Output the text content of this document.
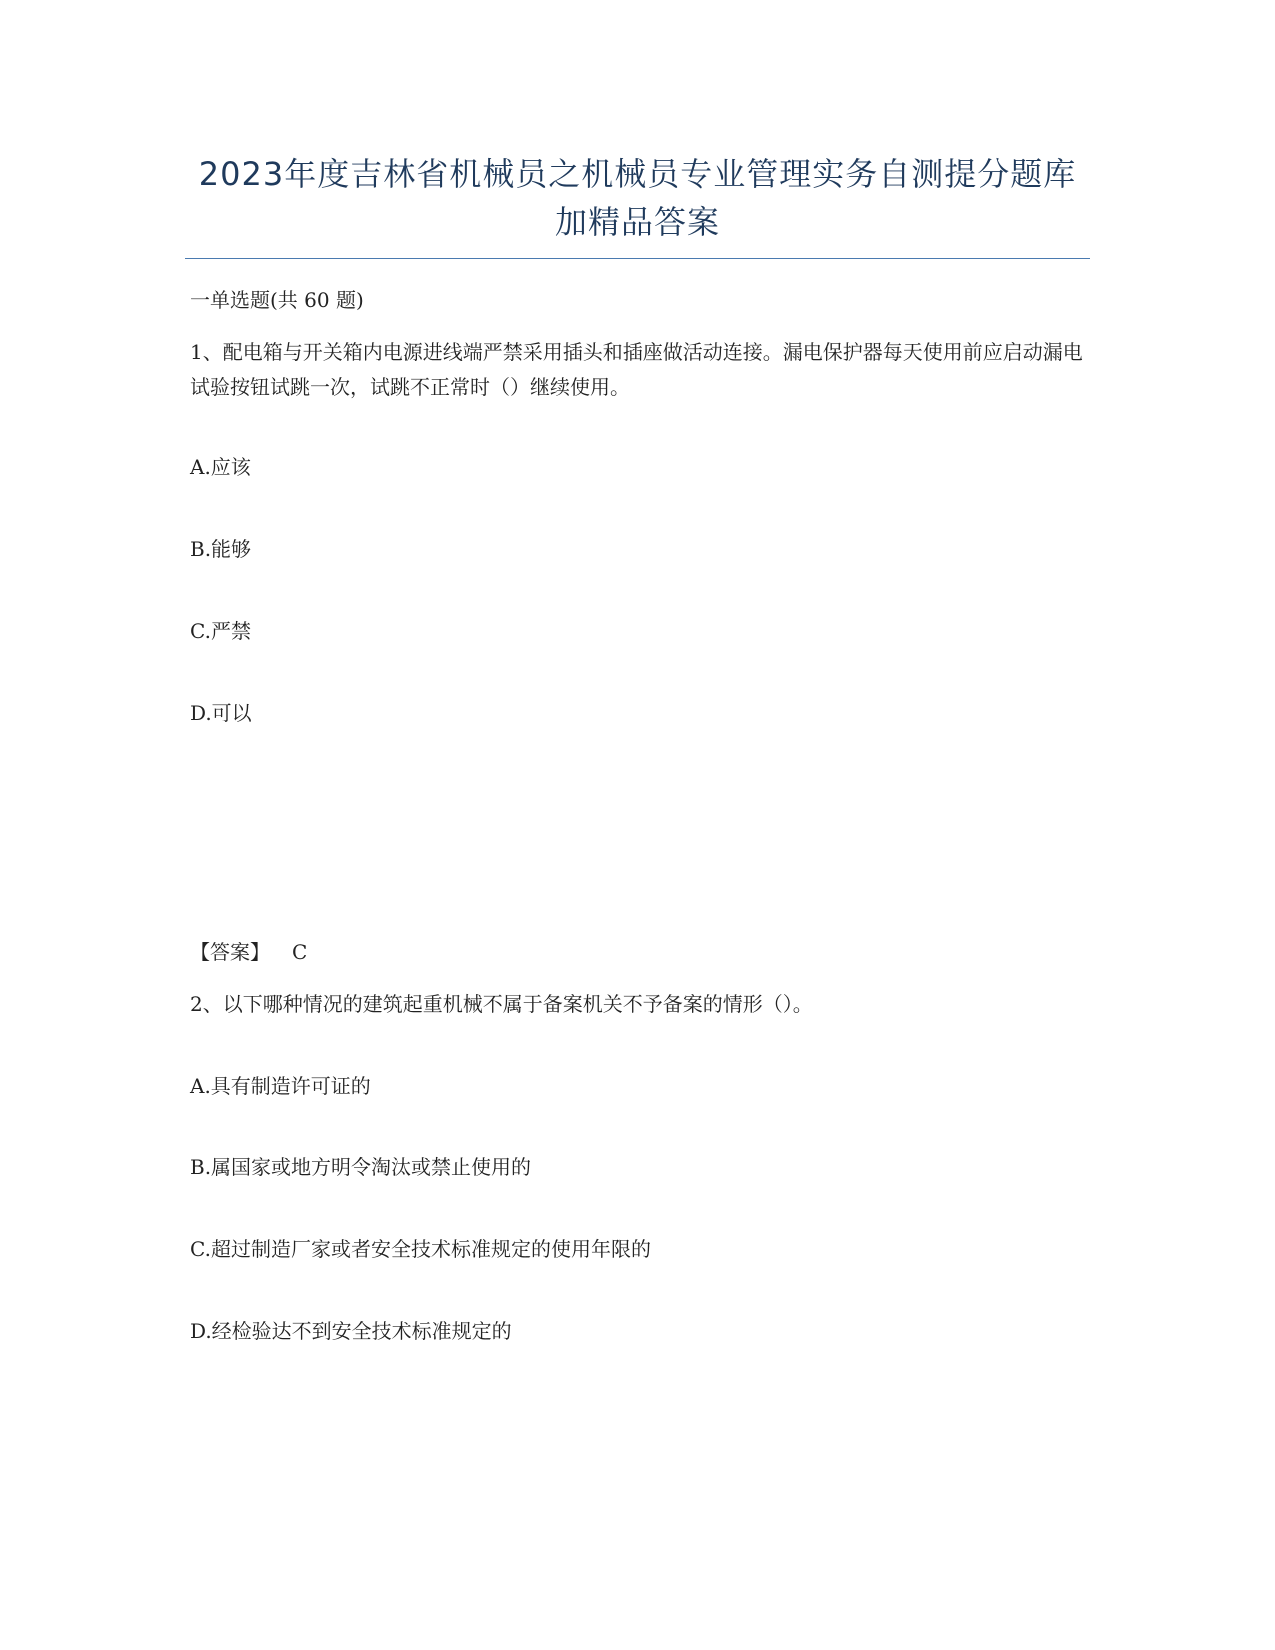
2023年度吉林省机械员之机械员专业管理实务自测提分题库加精品答案
一单选题(共 60 题)
1、配电箱与开关箱内电源进线端严禁采用插头和插座做活动连接。漏电保护器每天使用前应启动漏电试验按钮试跳一次，试跳不正常时（）继续使用。
A.应该
B.能够
C.严禁
D.可以
【答案】 C
2、以下哪种情况的建筑起重机械不属于备案机关不予备案的情形（）。
A.具有制造许可证的
B.属国家或地方明令淘汰或禁止使用的
C.超过制造厂家或者安全技术标准规定的使用年限的
D.经检验达不到安全技术标准规定的
